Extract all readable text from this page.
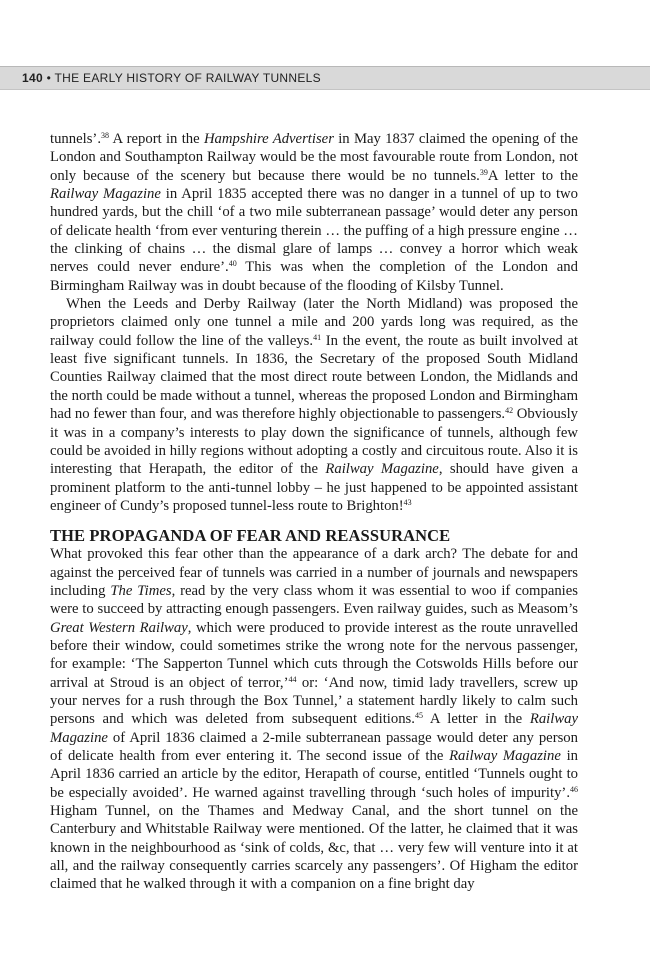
140 • THE EARLY HISTORY OF RAILWAY TUNNELS

tunnels’.$^{38}$ A report in the Hampshire Advertiser in May 1837 claimed the opening of the London and Southampton Railway would be the most favourable route from London, not only because of the scenery but because there would be no tunnels.$^{39}$A letter to the Railway Magazine in April 1835 accepted there was no danger in a tunnel of up to two hundred yards, but the chill ‘of a two mile subterranean passage’ would deter any person of delicate health ‘from ever venturing therein … the puffing of a high pressure engine … the clinking of chains … the dismal glare of lamps … convey a horror which weak nerves could never endure’.$^{40}$ This was when the completion of the London and Birmingham Railway was in doubt because of the flooding of Kilsby Tunnel.

When the Leeds and Derby Railway (later the North Midland) was proposed the proprietors claimed only one tunnel a mile and 200 yards long was required, as the railway could follow the line of the valleys.$^{41}$ In the event, the route as built involved at least five significant tunnels. In 1836, the Secretary of the proposed South Midland Counties Railway claimed that the most direct route between London, the Midlands and the north could be made without a tunnel, whereas the proposed London and Birmingham had no fewer than four, and was therefore highly objectionable to passengers.$^{42}$ Obviously it was in a company’s interests to play down the significance of tunnels, although few could be avoided in hilly regions without adopting a costly and circuitous route. Also it is interesting that Herapath, the editor of the Railway Magazine, should have given a prominent platform to the anti-tunnel lobby – he just happened to be appointed assistant engineer of Cundy’s proposed tunnel-less route to Brighton!$^{43}$

THE PROPAGANDA OF FEAR AND REASSURANCE

What provoked this fear other than the appearance of a dark arch? The debate for and against the perceived fear of tunnels was carried in a number of journals and newspapers including The Times, read by the very class whom it was essential to woo if companies were to succeed by attracting enough passengers. Even railway guides, such as Measom’s Great Western Railway, which were produced to provide interest as the route unravelled before their window, could sometimes strike the wrong note for the nervous passenger, for example: ‘The Sapperton Tunnel which cuts through the Cotswolds Hills before our arrival at Stroud is an object of terror,’$^{44}$ or: ‘And now, timid lady travellers, screw up your nerves for a rush through the Box Tunnel,’ a statement hardly likely to calm such persons and which was deleted from subsequent editions.$^{45}$ A letter in the Railway Magazine of April 1836 claimed a 2-mile subterranean passage would deter any person of delicate health from ever entering it. The second issue of the Railway Magazine in April 1836 carried an article by the editor, Herapath of course, entitled ‘Tunnels ought to be especially avoided’. He warned against travelling through ‘such holes of impurity’.$^{46}$ Higham Tunnel, on the Thames and Medway Canal, and the short tunnel on the Canterbury and Whitstable Railway were mentioned. Of the latter, he claimed that it was known in the neighbourhood as ‘sink of colds, &c, that … very few will venture into it at all, and the railway consequently carries scarcely any passengers’. Of Higham the editor claimed that he walked through it with a companion on a fine bright day
